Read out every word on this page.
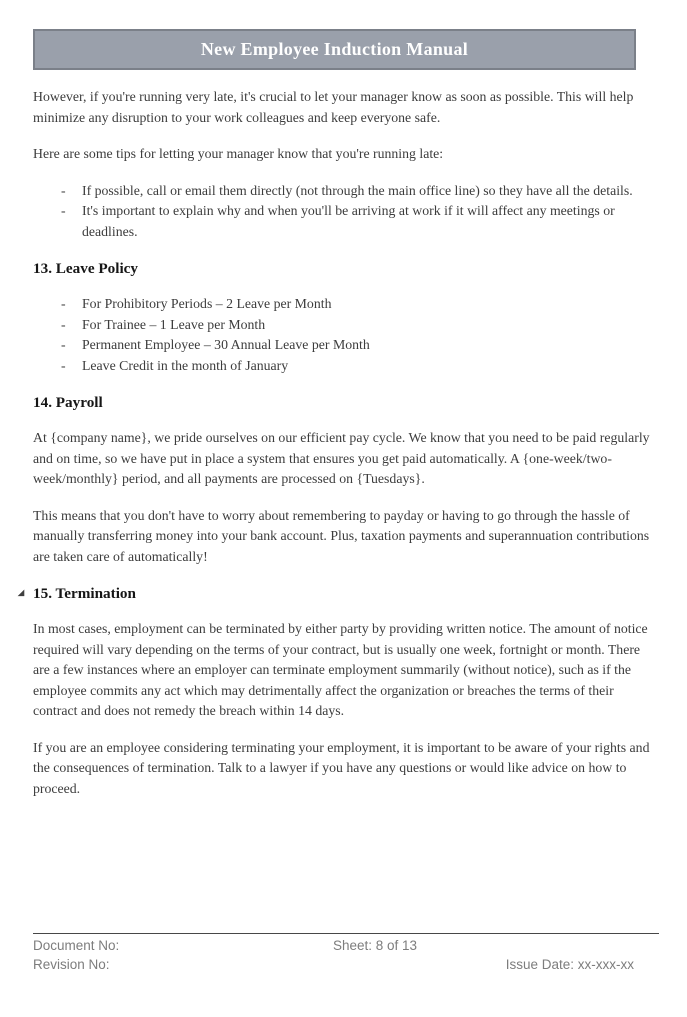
New Employee Induction Manual

However, if you're running very late, it's crucial to let your manager know as soon as possible. This will help minimize any disruption to your work colleagues and keep everyone safe.

Here are some tips for letting your manager know that you're running late:

- If possible, call or email them directly (not through the main office line) so they have all the details.
- It's important to explain why and when you'll be arriving at work if it will affect any meetings or deadlines.
13. Leave Policy
- For Prohibitory Periods – 2 Leave per Month
- For Trainee – 1 Leave per Month
- Permanent Employee – 30 Annual Leave per Month
- Leave Credit in the month of January
14. Payroll

At {company name}, we pride ourselves on our efficient pay cycle. We know that you need to be paid regularly and on time, so we have put in place a system that ensures you get paid automatically. A {one-week/two-week/monthly} period, and all payments are processed on {Tuesdays}.

This means that you don't have to worry about remembering to payday or having to go through the hassle of manually transferring money into your bank account. Plus, taxation payments and superannuation contributions are taken care of automatically!

◢ 15. Termination

In most cases, employment can be terminated by either party by providing written notice. The amount of notice required will vary depending on the terms of your contract, but is usually one week, fortnight or month. There are a few instances where an employer can terminate employment summarily (without notice), such as if the employee commits any act which may detrimentally affect the organization or breaches the terms of their contract and does not remedy the breach within 14 days.

If you are an employee considering terminating your employment, it is important to be aware of your rights and the consequences of termination. Talk to a lawyer if you have any questions or would like advice on how to proceed.

Document No:	Sheet: 8 of 13
Revision No:	Issue Date: xx-xxx-xx
